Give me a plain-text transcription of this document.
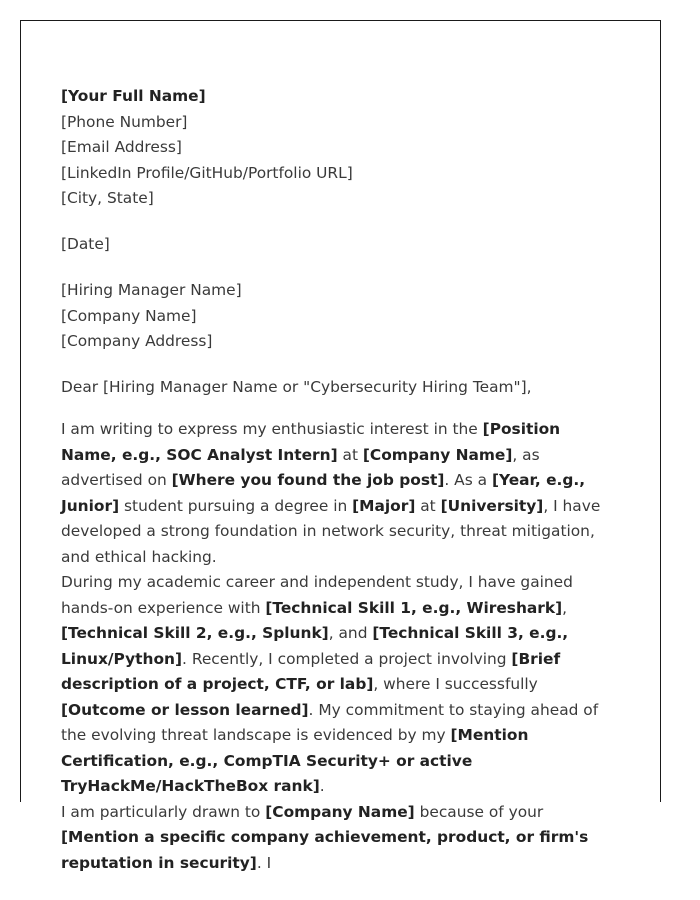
[Your Full Name]

[Phone Number]

[Email Address]

[LinkedIn Profile/GitHub/Portfolio URL]

[City, State]

[Date]

[Hiring Manager Name]

[Company Name]

[Company Address]

Dear [Hiring Manager Name or "Cybersecurity Hiring Team"],

I am writing to express my enthusiastic interest in the [Position Name, e.g., SOC Analyst Intern] at [Company Name], as advertised on [Where you found the job post]. As a [Year, e.g., Junior] student pursuing a degree in [Major] at [University], I have developed a strong foundation in network security, threat mitigation, and ethical hacking.

During my academic career and independent study, I have gained hands-on experience with [Technical Skill 1, e.g., Wireshark], [Technical Skill 2, e.g., Splunk], and [Technical Skill 3, e.g., Linux/Python]. Recently, I completed a project involving [Brief description of a project, CTF, or lab], where I successfully [Outcome or lesson learned]. My commitment to staying ahead of the evolving threat landscape is evidenced by my [Mention Certification, e.g., CompTIA Security+ or active TryHackMe/HackTheBox rank].

I am particularly drawn to [Company Name] because of your [Mention a specific company achievement, product, or firm's reputation in security]. I
